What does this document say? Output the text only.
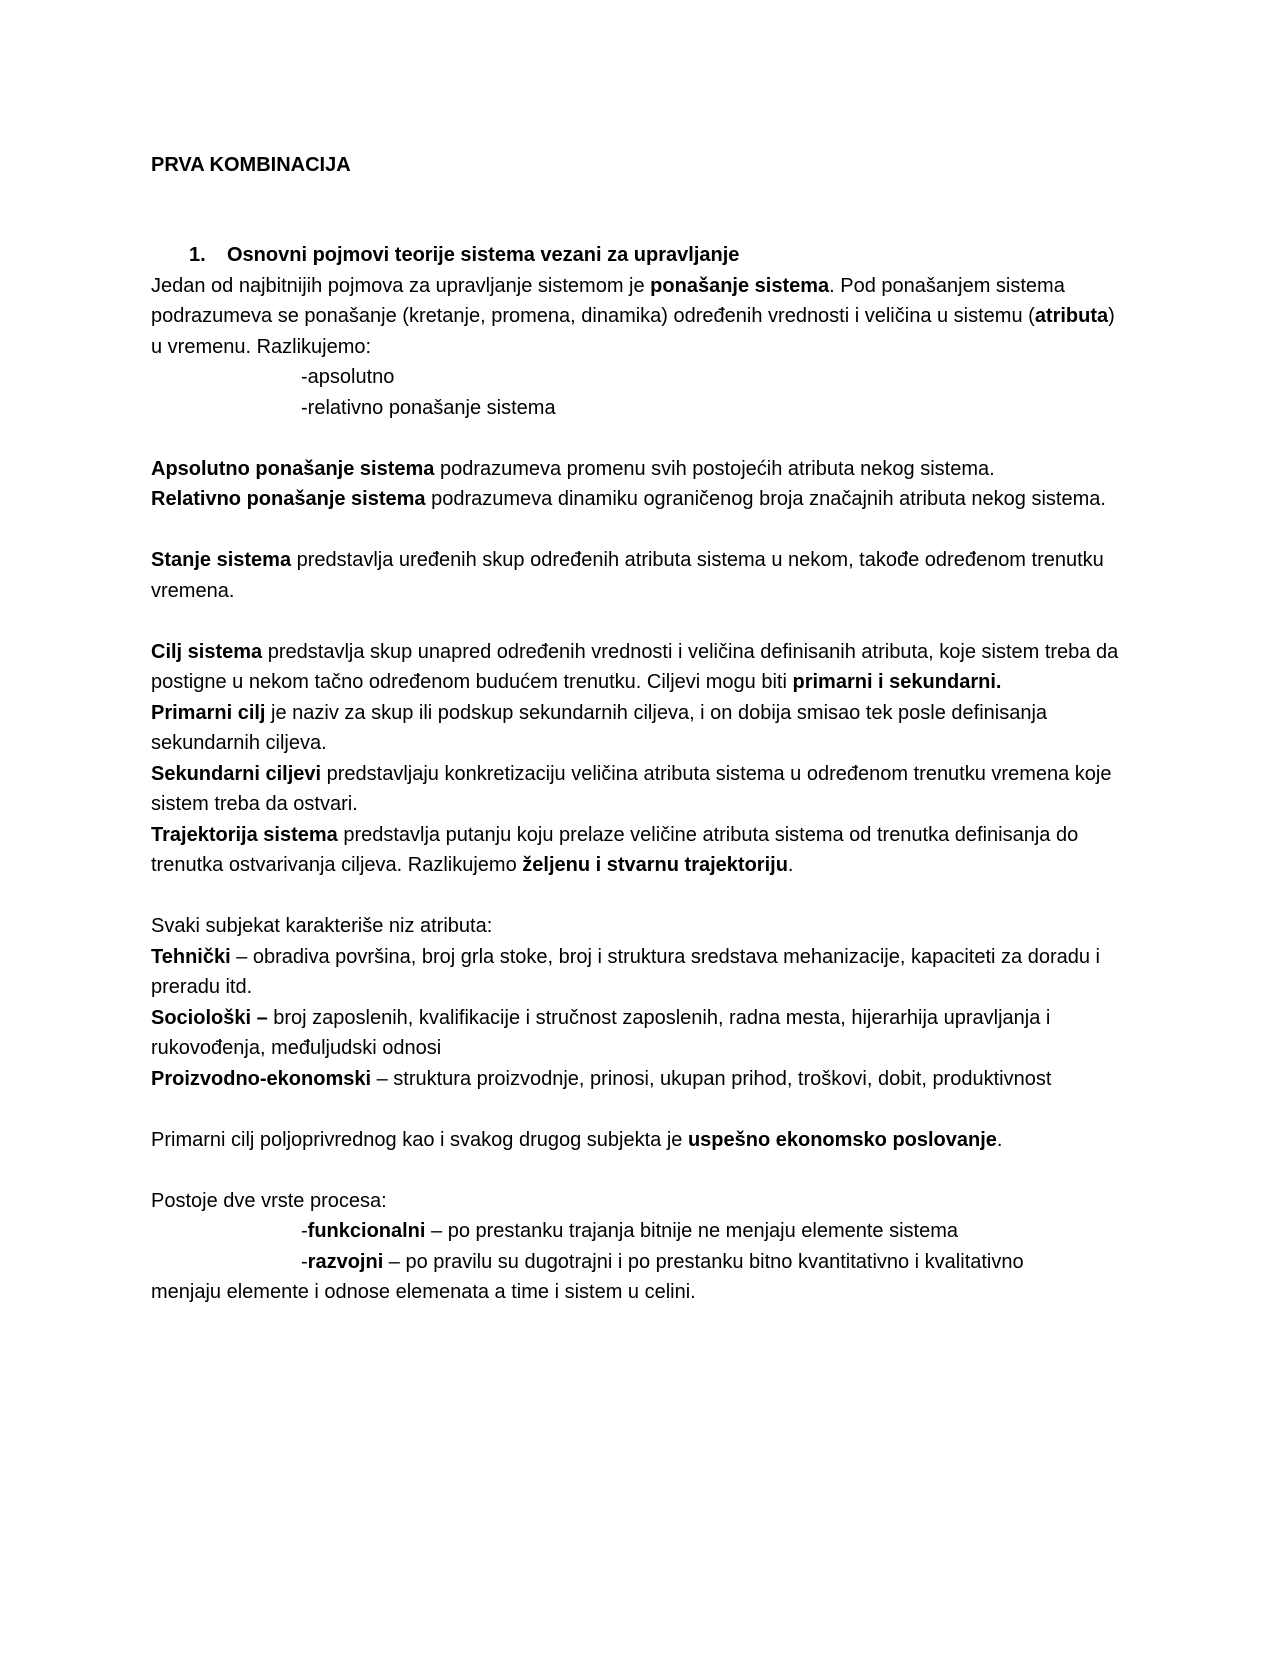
PRVA KOMBINACIJA

1. Osnovni pojmovi teorije sistema vezani za upravljanje

Jedan od najbitnijih pojmova za upravljanje sistemom je ponašanje sistema. Pod ponašanjem sistema podrazumeva se ponašanje (kretanje, promena, dinamika) određenih vrednosti i veličina u sistemu (atributa) u vremenu. Razlikujemo:

-apsolutno

-relativno ponašanje sistema

Apsolutno ponašanje sistema podrazumeva promenu svih postojećih atributa nekog sistema.

Relativno ponašanje sistema podrazumeva dinamiku ograničenog broja značajnih atributa nekog sistema.

Stanje sistema predstavlja uređenih skup određenih atributa sistema u nekom, takođe određenom trenutku vremena.

Cilj sistema predstavlja skup unapred određenih vrednosti i veličina definisanih atributa, koje sistem treba da postigne u nekom tačno određenom budućem trenutku. Ciljevi mogu biti primarni i sekundarni.

Primarni cilj je naziv za skup ili podskup sekundarnih ciljeva, i on dobija smisao tek posle definisanja sekundarnih ciljeva.

Sekundarni ciljevi predstavljaju konkretizaciju veličina atributa sistema u određenom trenutku vremena koje sistem treba da ostvari.

Trajektorija sistema predstavlja putanju koju prelaze veličine atributa sistema od trenutka definisanja do trenutka ostvarivanja ciljeva. Razlikujemo željenu i stvarnu trajektoriju.

Svaki subjekat karakteriše niz atributa:

Tehnički – obradiva površina, broj grla stoke, broj i struktura sredstava mehanizacije, kapaciteti za doradu i preradu itd.

Sociološki – broj zaposlenih, kvalifikacije i stručnost zaposlenih, radna mesta, hijerarhija upravljanja i rukovođenja, međuljudski odnosi

Proizvodno-ekonomski – struktura proizvodnje, prinosi, ukupan prihod, troškovi, dobit, produktivnost

Primarni cilj poljoprivrednog kao i svakog drugog subjekta je uspešno ekonomsko poslovanje.

Postoje dve vrste procesa:

-funkcionalni – po prestanku trajanja bitnije ne menjaju elemente sistema

-razvojni – po pravilu su dugotrajni i po prestanku bitno kvantitativno i kvalitativno

menjaju elemente i odnose elemenata a time i sistem u celini.
